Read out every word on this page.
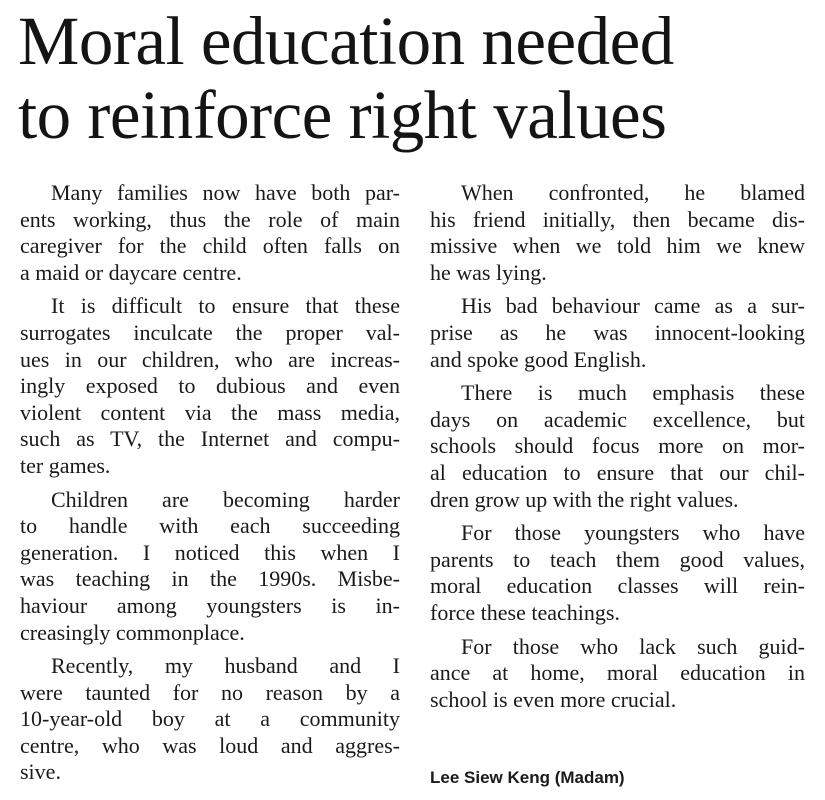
Moral education needed
to reinforce right values
Many families now have both par-
ents working, thus the role of main
caregiver for the child often falls on
a maid or daycare centre.
It is difficult to ensure that these
surrogates inculcate the proper val-
ues in our children, who are increas-
ingly exposed to dubious and even
violent content via the mass media,
such as TV, the Internet and compu-
ter games.
Children are becoming harder
to handle with each succeeding
generation. I noticed this when I
was teaching in the 1990s. Misbe-
haviour among youngsters is in-
creasingly commonplace.
Recently, my husband and I
were taunted for no reason by a
10-year-old boy at a community
centre, who was loud and aggres-
sive.
When confronted, he blamed
his friend initially, then became dis-
missive when we told him we knew
he was lying.
His bad behaviour came as a sur-
prise as he was innocent-looking
and spoke good English.
There is much emphasis these
days on academic excellence, but
schools should focus more on mor-
al education to ensure that our chil-
dren grow up with the right values.
For those youngsters who have
parents to teach them good values,
moral education classes will rein-
force these teachings.
For those who lack such guid-
ance at home, moral education in
school is even more crucial.
Lee Siew Keng (Madam)
